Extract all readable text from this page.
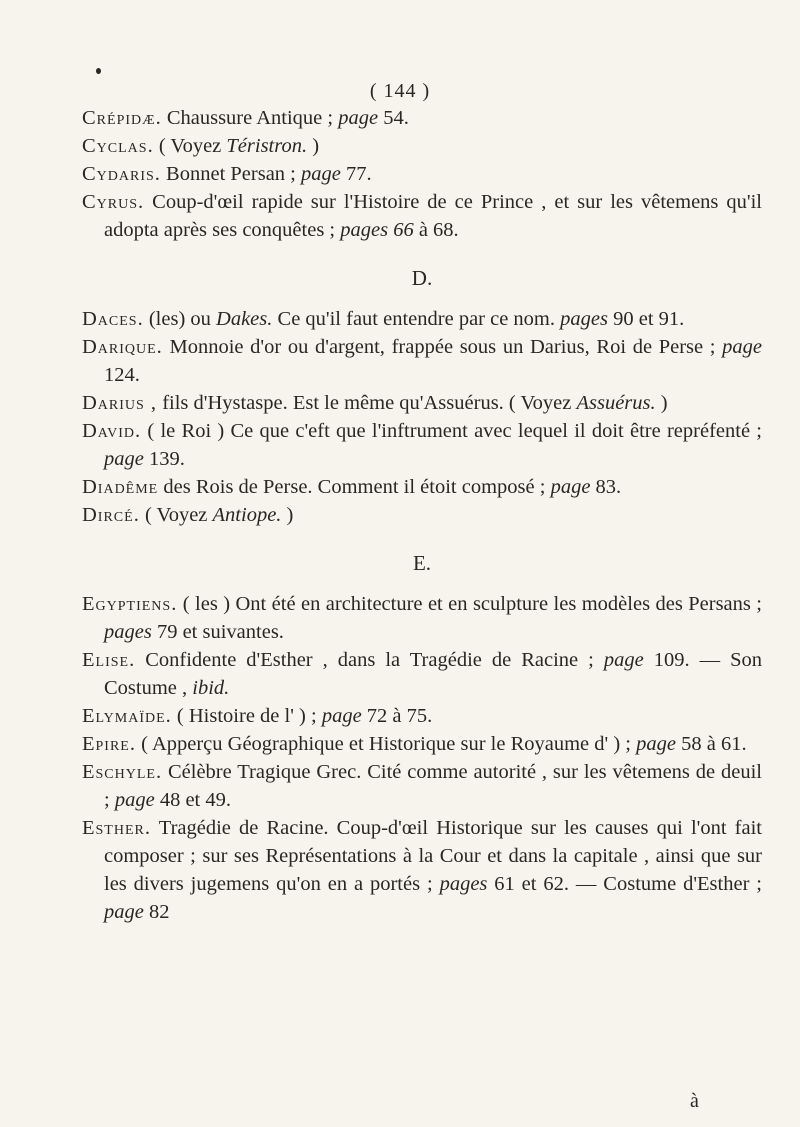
( 144 )

Crépidæ. Chaussure Antique ; page 54.

Cyclas. ( Voyez Téristron. )

Cydaris. Bonnet Persan ; page 77.

Cyrus. Coup-d'œil rapide sur l'Histoire de ce Prince , et sur les vêtemens qu'il adopta après ses conquêtes ; pages 66 à 68.

D.

Daces. (les) ou Dakes. Ce qu'il faut entendre par ce nom. pages 90 et 91.

Darique. Monnoie d'or ou d'argent, frappée sous un Darius, Roi de Perse ; page 124.

Darius , fils d'Hystaspe. Est le même qu'Assuérus. ( Voyez Assuérus. )

David. ( le Roi ) Ce que c'eft que l'inftrument avec lequel il doit être repréfenté ; page 139.

Diadême des Rois de Perse. Comment il étoit composé ; page 83.

Dircé. ( Voyez Antiope. )

E.

Egyptiens. ( les ) Ont été en architecture et en sculpture les modèles des Persans ; pages 79 et suivantes.

Elise. Confidente d'Esther , dans la Tragédie de Racine ; page 109. — Son Costume , ibid.

Elymaïde. ( Histoire de l' ) ; page 72 à 75.

Epire. ( Apperçu Géographique et Historique sur le Royaume d' ) ; page 58 à 61.

Eschyle. Célèbre Tragique Grec. Cité comme autorité , sur les vêtemens de deuil ; page 48 et 49.

Esther. Tragédie de Racine. Coup-d'œil Historique sur les causes qui l'ont fait composer ; sur ses Représentations à la Cour et dans la capitale , ainsi que sur les divers jugemens qu'on en a portés ; pages 61 et 62. — Costume d'Esther ; page 82

à
